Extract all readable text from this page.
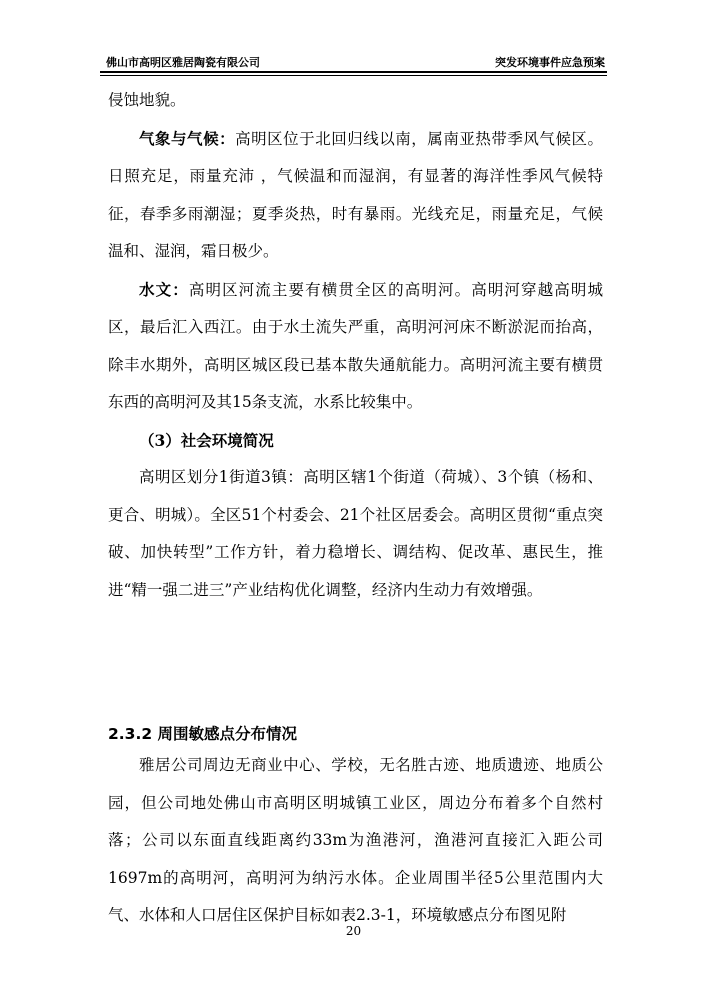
佛山市高明区雅居陶瓷有限公司	突发环境事件应急预案

侵蚀地貌。

气象与气候：高明区位于北回归线以南，属南亚热带季风气候区。日照充足，雨量充沛 ，气候温和而湿润，有显著的海洋性季风气候特征，春季多雨潮湿；夏季炎热，时有暴雨。光线充足，雨量充足，气候温和、湿润，霜日极少。

水文：高明区河流主要有横贯全区的高明河。高明河穿越高明城区，最后汇入西江。由于水土流失严重，高明河河床不断淤泥而抬高，除丰水期外，高明区城区段已基本散失通航能力。高明河流主要有横贯东西的高明河及其15条支流，水系比较集中。

（3）社会环境简况

高明区划分1街道3镇：高明区辖1个街道（荷城）、3个镇（杨和、更合、明城）。全区51个村委会、21个社区居委会。高明区贯彻“重点突破、加快转型”工作方针，着力稳增长、调结构、促改革、惠民生，推进“精一强二进三”产业结构优化调整，经济内生动力有效增强。

2.3.2 周围敏感点分布情况

雅居公司周边无商业中心、学校，无名胜古迹、地质遗迹、地质公园，但公司地处佛山市高明区明城镇工业区，周边分布着多个自然村落；公司以东面直线距离约33m为渔港河，渔港河直接汇入距公司1697m的高明河，高明河为纳污水体。企业周围半径5公里范围内大气、水体和人口居住区保护目标如表2.3-1，环境敏感点分布图见附

20
